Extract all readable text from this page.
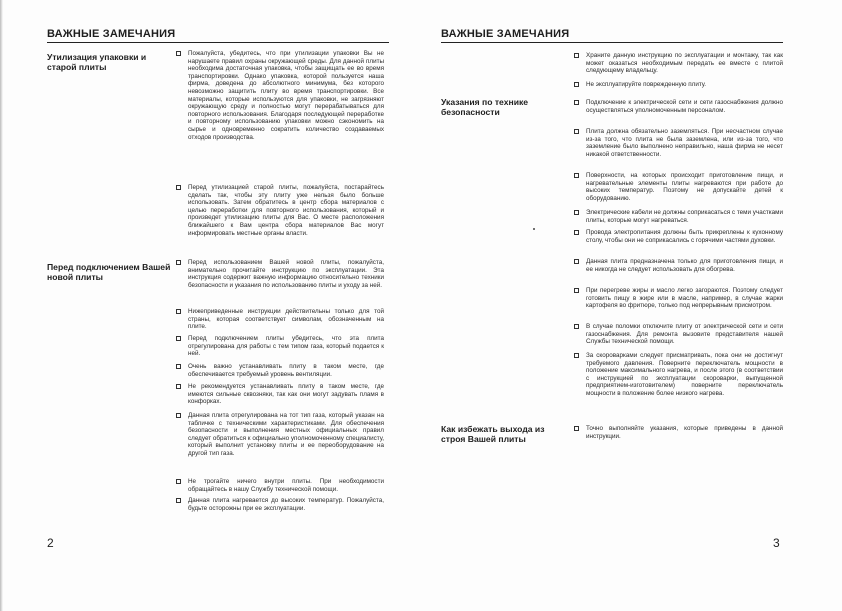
ВАЖНЫЕ ЗАМЕЧАНИЯ
Утилизация упаковки и старой плиты
Пожалуйста, убедитесь, что при утилизации упаковки Вы не нарушаете правил охраны окружающей среды. Для данной плиты необходима достаточная упаковка, чтобы защищать ее во время транспортировки. Однако упаковка, которой пользуется наша фирма, доведена до абсолютного минимума, без которого невозможно защитить плиту во время транспортировки. Все материалы, которые используются для упаковки, не загрязняют окружающую среду и полностью могут перерабатываться для повторного использования. Благодаря последующей переработке и повторному использованию упаковки можно сэкономить на сырье и одновременно сократить количество создаваемых отходов производства.
Перед утилизацией старой плиты, пожалуйста, постарайтесь сделать так, чтобы эту плиту уже нельзя было больше использовать. Затем обратитесь в центр сбора материалов с целью переработки для повторного использования, который и произведет утилизацию плиты для Вас. О месте расположения ближайшего к Вам центра сбора материалов Вас могут информировать местные органы власти.
Перед подключением Вашей новой плиты
Перед использованием Вашей новой плиты, пожалуйста, внимательно прочитайте инструкцию по эксплуатации. Эта инструкция содержит важную информацию относительно техники безопасности и указания по использованию плиты и уходу за ней.
Нижеприведенные инструкции действительны только для той страны, которая соответствует символам, обозначенным на плите.
Перед подключением плиты убедитесь, что эта плита отрегулирована для работы с тем типом газа, который подается к ней.
Очень важно устанавливать плиту в таком месте, где обеспечивается требуемый уровень вентиляции.
Не рекомендуется устанавливать плиту в таком месте, где имеются сильные сквозняки, так как они могут задувать пламя в конфорках.
Данная плита отрегулирована на тот тип газа, который указан на табличке с техническими характеристиками. Для обеспечения безопасности и выполнения местных официальных правил следует обратиться к официально уполномоченному специалисту, который выполнит установку плиты и ее переоборудование на другой тип газа.
Не трогайте ничего внутри плиты. При необходимости обращайтесь в нашу Службу технической помощи.
Данная плита нагревается до высоких температур. Пожалуйста, будьте осторожны при ее эксплуатации.
2
ВАЖНЫЕ ЗАМЕЧАНИЯ
Храните данную инструкцию по эксплуатации и монтажу, так как может оказаться необходимым передать ее вместе с плитой следующему владельцу.
Не эксплуатируйте поврежденную плиту.
Указания по технике безопасности
Подключение к электрической сети и сети газоснабжения должно осуществляться уполномоченным персоналом.
Плита должна обязательно заземляться. При несчастном случае из-за того, что плита не была заземлена, или из-за того, что заземление было выполнено неправильно, наша фирма не несет никакой ответственности.
Поверхности, на которых происходит приготовление пищи, и нагревательные элементы плиты нагреваются при работе до высоких температур. Поэтому не допускайте детей к оборудованию.
Электрические кабели не должны соприкасаться с теми участками плиты, которые могут нагреваться.
Провода электропитания должны быть прикреплены к кухонному столу, чтобы они не соприкасались с горячими частями духовки.
Данная плита предназначена только для приготовления пищи, и ее никогда не следует использовать для обогрева.
При перегреве жиры и масло легко загораются. Поэтому следует готовить пищу в жире или в масле, например, в случае жарки картофеля во фритюре, только под непрерывным присмотром.
В случае поломки отключите плиту от электрической сети и сети газоснабжения. Для ремонта вызовите представителя нашей Службы технической помощи.
За скороварками следует присматривать, пока они не достигнут требуемого давления. Поверните переключатель мощности в положение максимального нагрева, и после этого (в соответствии с инструкцией по эксплуатации скороварки, выпущенной предприятием-изготовителем) поверните переключатель мощности в положение более низкого нагрева.
Как избежать выхода из строя Вашей плиты
Точно выполняйте указания, которые приведены в данной инструкции.
3
